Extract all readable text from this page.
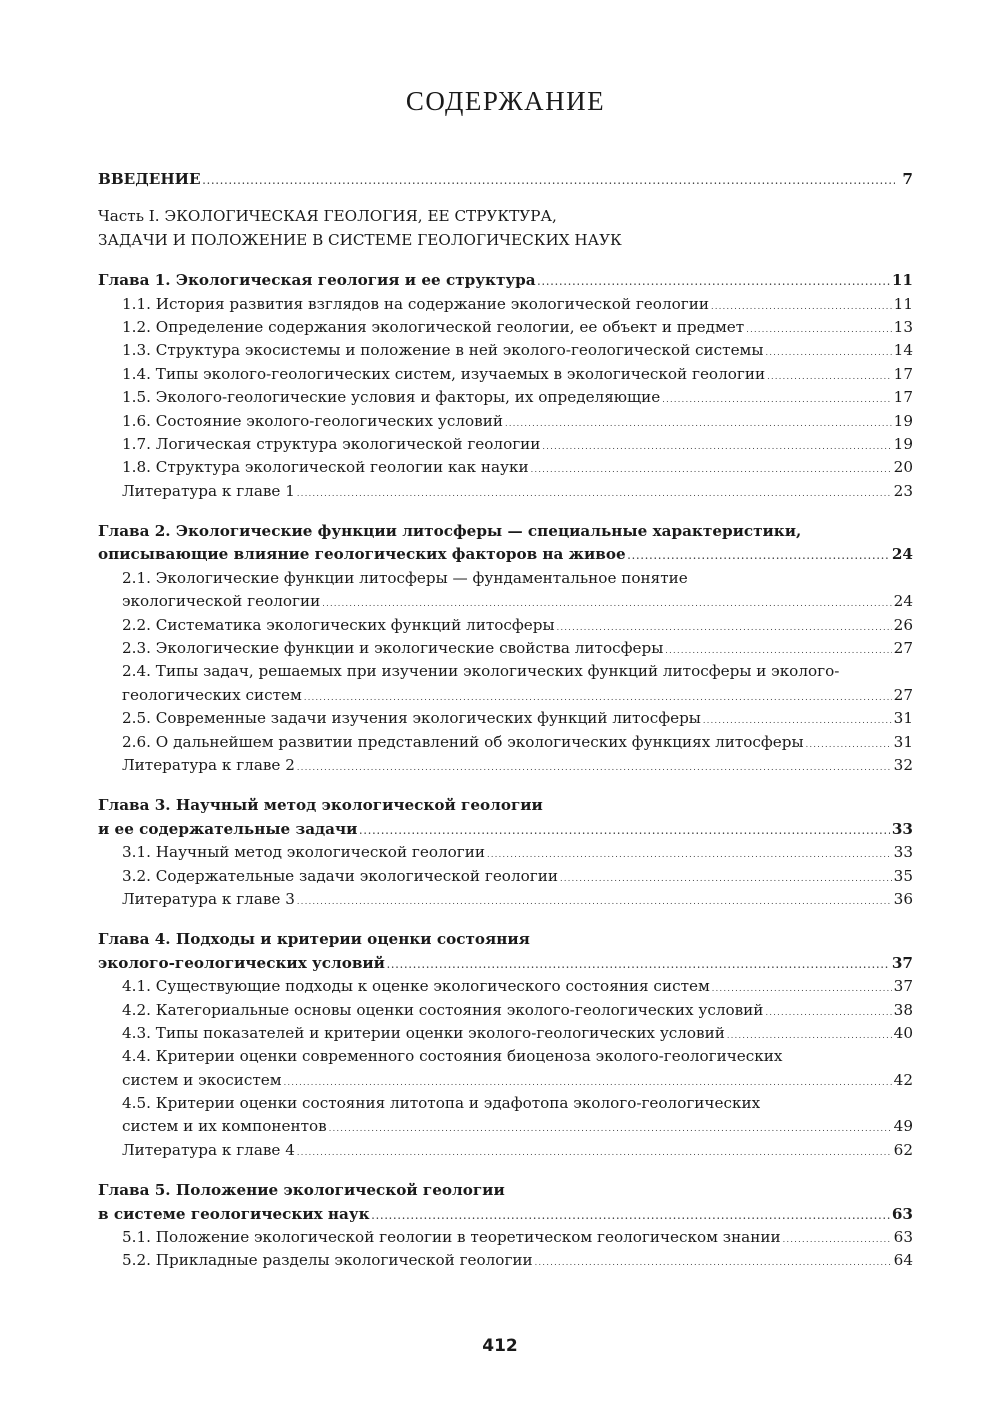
СОДЕРЖАНИЕ
ВВЕДЕНИЕ . . .	7
Часть I. ЭКОЛОГИЧЕСКАЯ ГЕОЛОГИЯ, ЕЕ СТРУКТУРА,
ЗАДАЧИ И ПОЛОЖЕНИЕ В СИСТЕМЕ ГЕОЛОГИЧЕСКИХ НАУК
Глава 1. Экологическая геология и ее структура . . .	11
1.1. История развития взглядов на содержание экологической геологии . . .	11
1.2. Определение содержания экологической геологии, ее объект и предмет . . .	13
1.3. Структура экосистемы и положение в ней эколого-геологической системы . . .	14
1.4. Типы эколого-геологических систем, изучаемых в экологической геологии . . .	17
1.5. Эколого-геологические условия и факторы, их определяющие . . .	17
1.6. Состояние эколого-геологических условий . . .	19
1.7. Логическая структура экологической геологии . . .	19
1.8. Структура экологической геологии как науки . . .	20
Литература к главе 1 . . .	23
Глава 2. Экологические функции литосферы — специальные характеристики,
описывающие влияние геологических факторов на живое . . .	24
2.1. Экологические функции литосферы — фундаментальное понятие
экологической геологии . . .	24
2.2. Систематика экологических функций литосферы . . .	26
2.3. Экологические функции и экологические свойства литосферы . . .	27
2.4. Типы задач, решаемых при изучении экологических функций литосферы и эколого-
геологических систем . . .	27
2.5. Современные задачи изучения экологических функций литосферы . . .	31
2.6. О дальнейшем развитии представлений об экологических функциях литосферы . . .	31
Литература к главе 2 . . .	32
Глава 3. Научный метод экологической геологии
и ее содержательные задачи . . .	33
3.1. Научный метод экологической геологии . . .	33
3.2. Содержательные задачи экологической геологии . . .	35
Литература к главе 3 . . .	36
Глава 4. Подходы и критерии оценки состояния
эколого-геологических условий . . .	37
4.1. Существующие подходы к оценке экологического состояния систем . . .	37
4.2. Категориальные основы оценки состояния эколого-геологических условий . . .	38
4.3. Типы показателей и критерии оценки эколого-геологических условий . . .	40
4.4. Критерии оценки современного состояния биоценоза эколого-геологических
систем и экосистем . . .	42
4.5. Критерии оценки состояния литотопа и эдафотопа эколого-геологических
систем и их компонентов . . .	49
Литература к главе 4 . . .	62
Глава 5. Положение экологической геологии
в системе геологических наук . . .	63
5.1. Положение экологической геологии в теоретическом геологическом знании . . .	63
5.2. Прикладные разделы экологической геологии . . .	64
412
